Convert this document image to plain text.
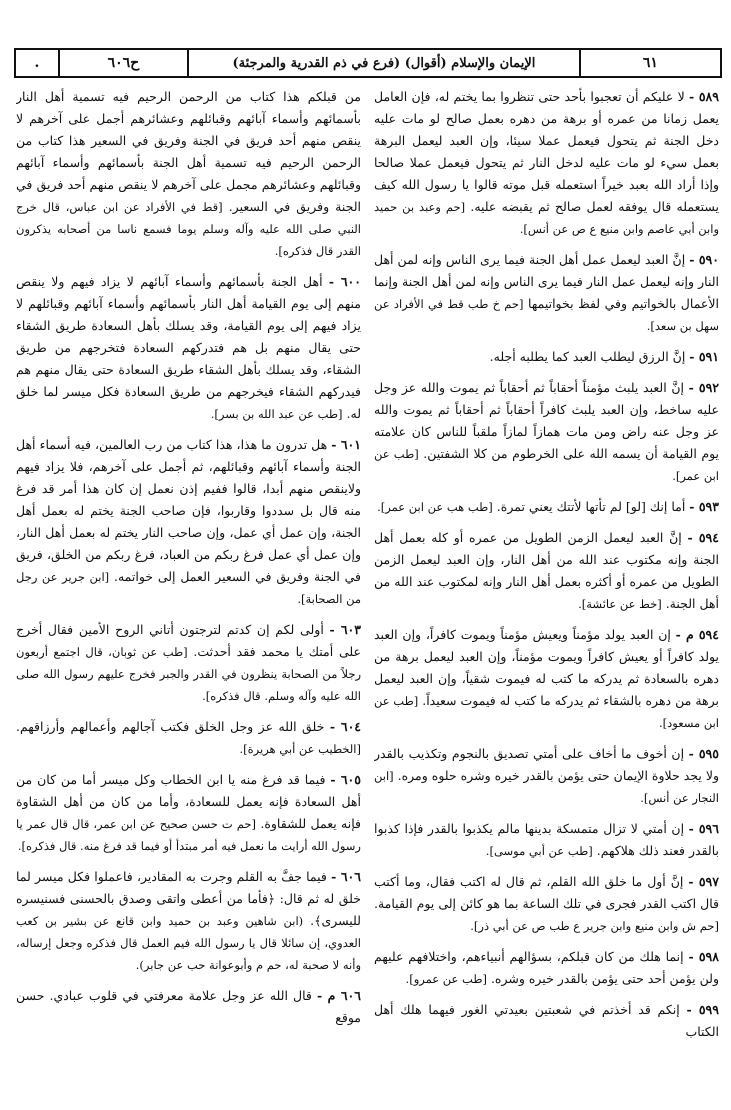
.	ح٦٠٦	الإيمان والإسلام (أقوال) (فرع في ذم القدرية والمرجئة)	٦١

٥٨٩ - لا عليكم أن تعجبوا بأحد حتى تنظروا بما يختم له، فإن العامل يعمل زمانا من عمره أو برهة من دهره بعمل صالح لو مات عليه دخل الجنة ثم يتحول فيعمل عملا سيئا، وإن العبد ليعمل البرهة بعمل سيء لو مات عليه لدخل النار ثم يتحول فيعمل عملا صالحا وإذا أراد الله بعبد خيراً استعمله قبل موته قالوا يا رسول الله كيف يستعمله قال يوفقه لعمل صالح ثم يقبضه عليه. [حم وعبد بن حميد وابن أبي عاصم وابن منيع ع ص عن أنس].

٥٩٠ - إنَّ العبد ليعمل عمل أهل الجنة فيما يرى الناس وإنه لمن أهل النار وإنه ليعمل عمل النار فيما يرى الناس وإنه لمن أهل الجنة وإنما الأعمال بالخواتيم وفي لفظ بخواتيمها [حم خ طب قط في الأفراد عن سهل بن سعد].

٥٩١ - إنَّ الرزق ليطلب العبد كما يطلبه أجله.

٥٩٢ - إنَّ العبد يلبث مؤمناً أحقاباً ثم أحقاباً ثم يموت والله عز وجل عليه ساخط، وإن العبد يلبث كافراً أحقاباً ثم أحقاباً ثم يموت والله عز وجل عنه راض ومن مات همازاً لمازاً ملقباً للناس كان علامته يوم القيامة أن يسمه الله على الخرطوم من كلا الشفتين. [طب عن ابن عمر].

٥٩٣ - أما إنك [لو] لم تأتها لأتتك يعني تمرة. [طب هب عن ابن عمر].

٥٩٤ - إنَّ العبد ليعمل الزمن الطويل من عمره أو كله بعمل أهل الجنة وإنه مكتوب عند الله من أهل النار، وإن العبد ليعمل الزمن الطويل من عمره أو أكثره بعمل أهل النار وإنه لمكتوب عند الله من أهل الجنة. [خط عن عائشة].

٥٩٤ م - إن العبد يولد مؤمناً ويعيش مؤمناً ويموت كافراً، وإن العبد يولد كافراً أو يعيش كافراً ويموت مؤمناً، وإن العبد ليعمل برهة من دهره بالسعادة ثم يدركه ما كتب له فيموت شقياً، وإن العبد ليعمل برهة من دهره بالشقاء ثم يدركه ما كتب له فيموت سعيداً. [طب عن ابن مسعود].

٥٩٥ - إن أخوف ما أخاف على أمتي تصديق بالنجوم وتكذيب بالقدر ولا يجد حلاوة الإيمان حتى يؤمن بالقدر خيره وشره حلوه ومره. [ابن النجار عن أنس].

٥٩٦ - إن أمتي لا تزال متمسكة بدينها مالم يكذبوا بالقدر فإذا كذبوا بالقدر فعند ذلك هلاكهم. [طب عن أبي موسى].

٥٩٧ - إنَّ أول ما خلق الله القلم، ثم قال له اكتب فقال، وما أكتب قال اكتب القدر فجرى في تلك الساعة بما هو كائن إلى يوم القيامة. [حم ش وابن منيع وابن جرير ع طب ص عن أبي ذر].

٥٩٨ - إنما هلك من كان قبلكم، بسؤالهم أنبياءهم، واختلافهم عليهم ولن يؤمن أحد حتى يؤمن بالقدر خيره وشره. [طب عن عمرو].

٥٩٩ - إنكم قد أخذتم في شعبتين بعيدتي الغور فيهما هلك أهل الكتاب

من قبلكم هذا كتاب من الرحمن الرحيم فيه تسمية أهل النار بأسمائهم وأسماء آبائهم وقبائلهم وعشائرهم أجمل على آخرهم لا ينقص منهم أحد فريق في الجنة وفريق في السعير هذا كتاب من الرحمن الرحيم فيه تسمية أهل الجنة بأسمائهم وأسماء آبائهم وقبائلهم وعشائرهم مجمل على آخرهم لا ينقص منهم أحد فريق في الجنة وفريق في السعير. [قط في الأفراد عن ابن عباس، قال خرج النبي صلى الله عليه وآله وسلم يوما فسمع ناسا من أصحابه يذكرون القدر قال فذكره].

٦٠٠ - أهل الجنة بأسمائهم وأسماء آبائهم لا يزاد فيهم ولا ينقص منهم إلى يوم القيامة أهل النار بأسمائهم وأسماء آبائهم وقبائلهم لا يزاد فيهم إلى يوم القيامة، وقد يسلك بأهل السعادة طريق الشقاء حتى يقال منهم بل هم فتدركهم السعادة فتخرجهم من طريق الشقاء، وقد يسلك بأهل الشقاء طريق السعادة حتى يقال منهم هم فيدركهم الشقاء فيخرجهم من طريق السعادة فكل ميسر لما خلق له. [طب عن عبد الله بن بسر].

٦٠١ - هل تدرون ما هذا، هذا كتاب من رب العالمين، فيه أسماء أهل الجنة وأسماء آبائهم وقبائلهم، ثم أجمل على آخرهم، فلا يزاد فيهم ولاينقص منهم أبدا، قالوا ففيم إذن نعمل إن كان هذا أمر قد فرغ منه قال بل سددوا وقاربوا، فإن صاحب الجنة يختم له بعمل أهل الجنة، وإن عمل أي عمل، وإن صاحب النار يختم له بعمل أهل النار، وإن عمل أي عمل فرغ ربكم من العباد، فرغ ربكم من الخلق، فريق في الجنة وفريق في السعير العمل إلى خواتمه. [ابن جرير عن رجل من الصحابة].

٦٠٣ - أولى لكم إن كدتم لترجتون أتاني الروح الأمين فقال أخرج على أمتك يا محمد فقد أحدثت. [طب عن ثوبان، قال اجتمع أربعون رجلاً من الصحابة ينظرون في القدر والجبر فخرج عليهم رسول الله صلى الله عليه وآله وسلم. قال فذكره].

٦٠٤ - خلق الله عز وجل الخلق فكتب آجالهم وأعمالهم وأرزاقهم. [الخطيب عن أبي هريرة].

٦٠٥ - فيما قد فرغ منه يا ابن الخطاب وكل ميسر أما من كان من أهل السعادة فإنه يعمل للسعادة، وأما من كان من أهل الشقاوة فإنه يعمل للشقاوة. [حم ت حسن صحيح عن ابن عمر، قال قال عمر يا رسول الله أرايت ما نعمل فيه أمر مبتدأ أو فيما قد فرغ منه. قال فذكره].

٦٠٦ - فيما جفَّ به القلم وجرت به المقادير، فاعملوا فكل ميسر لما خلق له ثم قال: ﴿فأما من أعطى واتقى وصدق بالحسنى فسنيسره لليسرى﴾. (ابن شاهين وعبد بن حميد وابن قانع عن بشير بن كعب العدوي، إن سائلا قال يا رسول الله فيم العمل قال فذكره وجعل إرساله، وأنه لا صحبة له، حم م وأبوعوانة حب عن جابر).

٦٠٦ م - قال الله عز وجل علامة معرفتي في قلوب عبادي. حسن موقع
